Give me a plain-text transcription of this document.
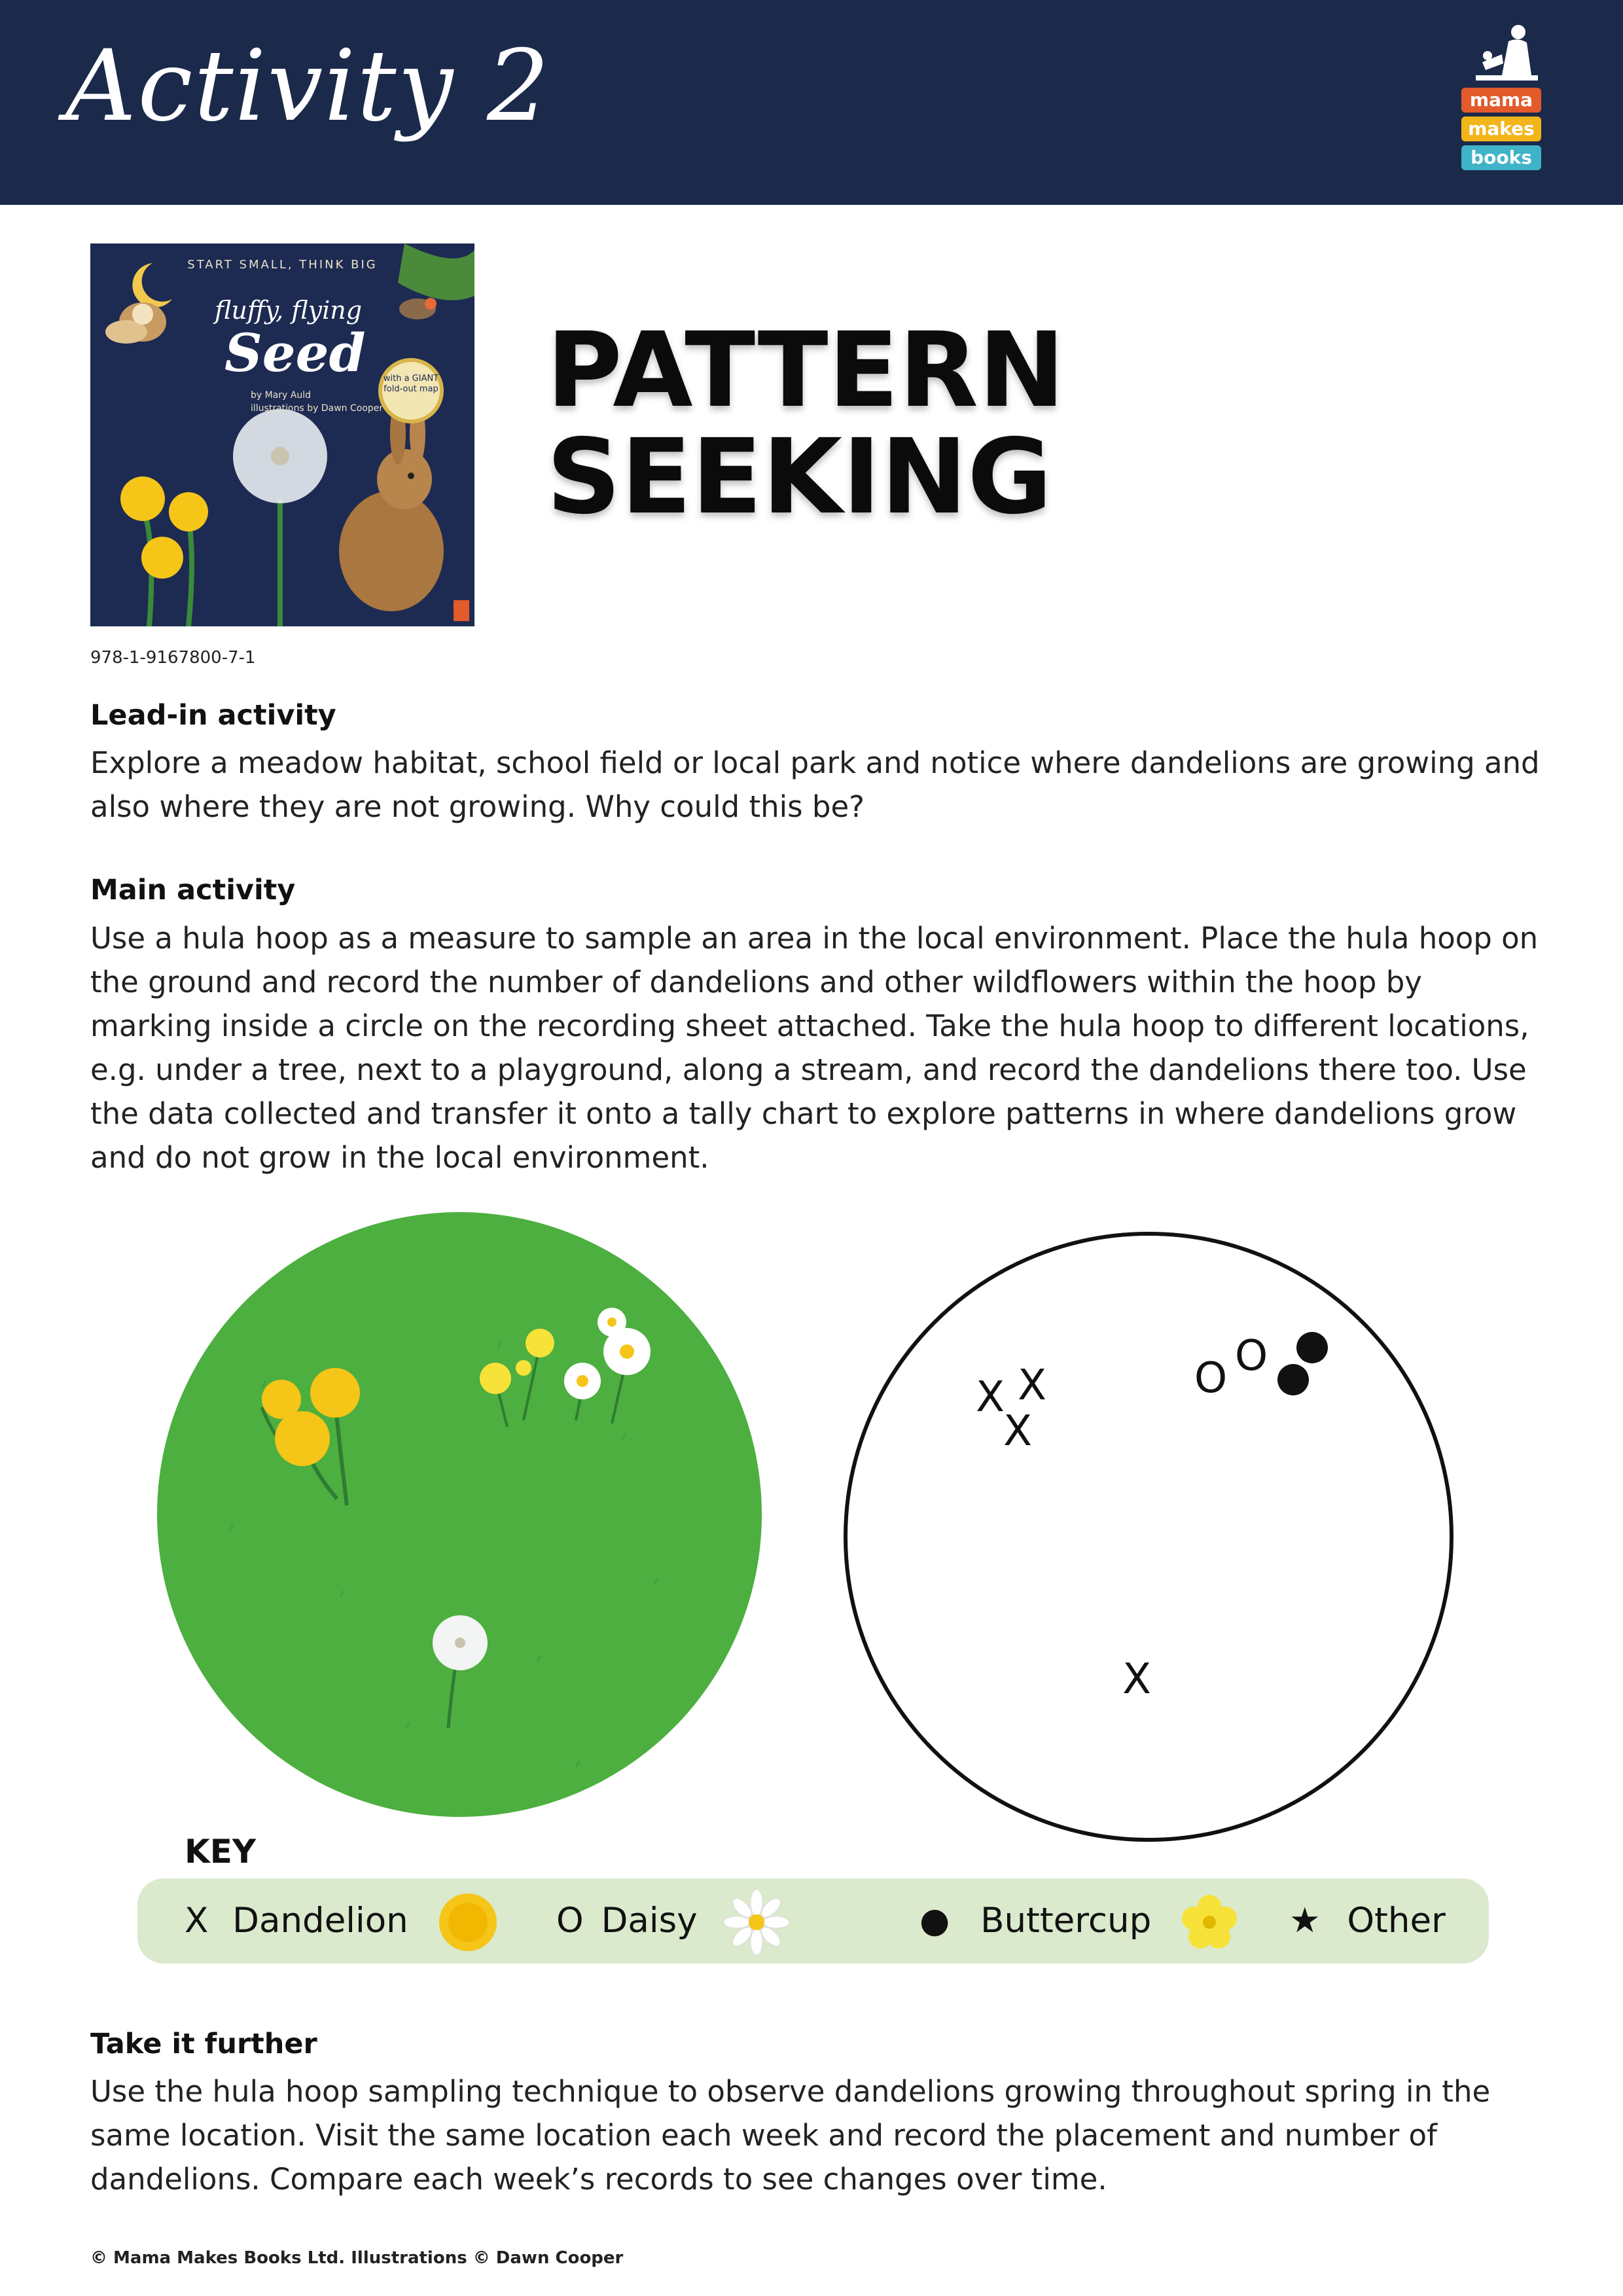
Activity 2	mama
makes
books
START SMALL, THINK BIG
fluffy, flying
Seed
by Mary Auld
illustrations by Dawn Cooper
with a GIANT fold-out map
978-1-9167800-7-1
PATTERN
SEEKING
Lead-in activity
Explore a meadow habitat, school field or local park and notice where dandelions are growing and also where they are not growing. Why could this be?
Main activity
Use a hula hoop as a measure to sample an area in the local environment. Place the hula hoop on the ground and record the number of dandelions and other wildflowers within the hoop by marking inside a circle on the recording sheet attached. Take the hula hoop to different locations, e.g. under a tree, next to a playground, along a stream, and record the dandelions there too. Use the data collected and transfer it onto a tally chart to explore patterns in where dandelions grow and do not grow in the local environment.
X X
X
X
O O
KEY
X Dandelion	O Daisy	● Buttercup	★ Other
Take it further
Use the hula hoop sampling technique to observe dandelions growing throughout spring in the same location. Visit the same location each week and record the placement and number of dandelions. Compare each week’s records to see changes over time.
© Mama Makes Books Ltd. Illustrations © Dawn Cooper
